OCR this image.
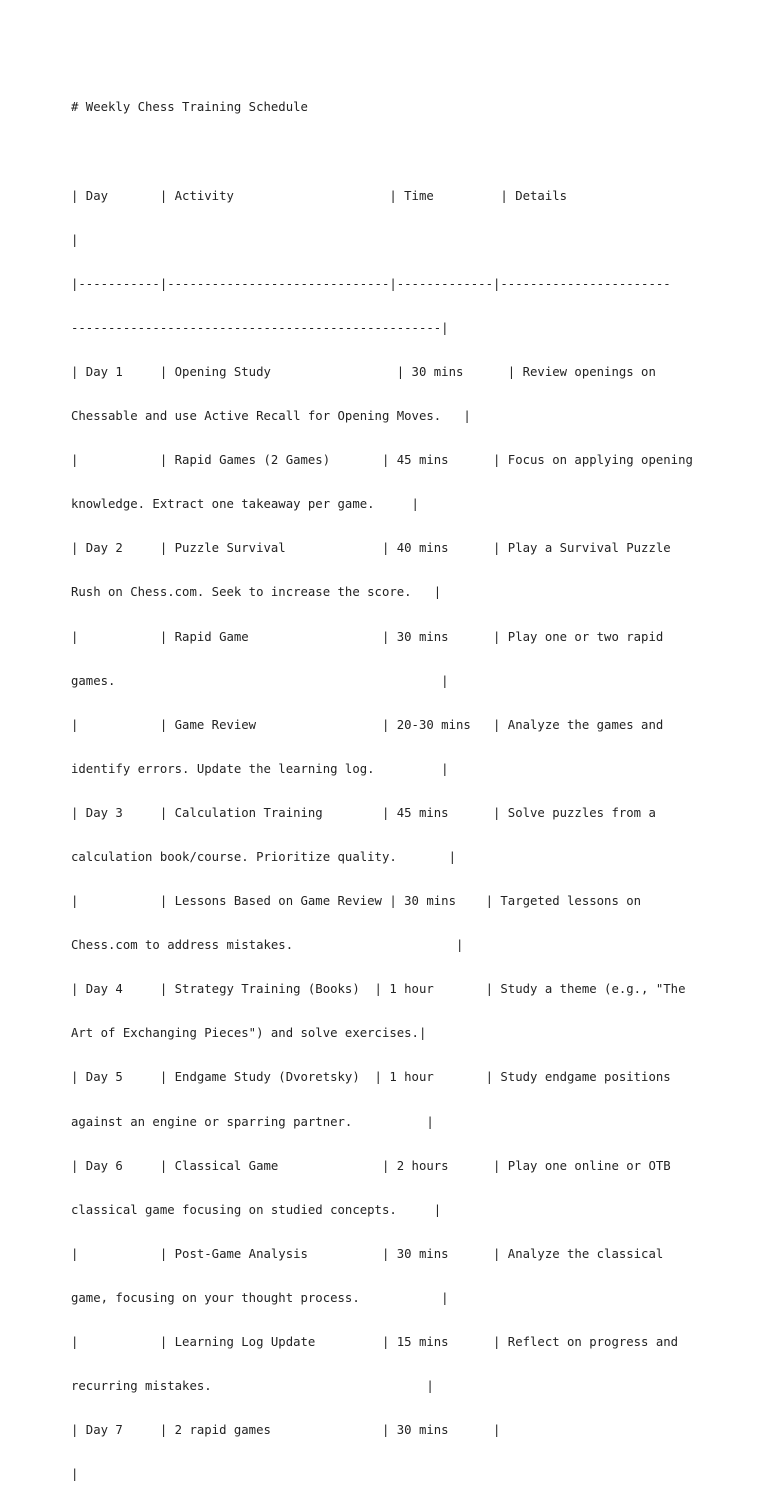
# Weekly Chess Training Schedule

| Day       | Activity                     | Time         | Details

|

|-----------|------------------------------|-------------|-----------------------

--------------------------------------------------|

| Day 1     | Opening Study                 | 30 mins      | Review openings on

Chessable and use Active Recall for Opening Moves.   |

|           | Rapid Games (2 Games)       | 45 mins      | Focus on applying opening

knowledge. Extract one takeaway per game.     |

| Day 2     | Puzzle Survival             | 40 mins      | Play a Survival Puzzle

Rush on Chess.com. Seek to increase the score.   |

|           | Rapid Game                  | 30 mins      | Play one or two rapid

games.                                            |

|           | Game Review                 | 20-30 mins   | Analyze the games and

identify errors. Update the learning log.         |

| Day 3     | Calculation Training        | 45 mins      | Solve puzzles from a

calculation book/course. Prioritize quality.       |

|           | Lessons Based on Game Review | 30 mins    | Targeted lessons on

Chess.com to address mistakes.                      |

| Day 4     | Strategy Training (Books)  | 1 hour       | Study a theme (e.g., "The

Art of Exchanging Pieces") and solve exercises.|

| Day 5     | Endgame Study (Dvoretsky)  | 1 hour       | Study endgame positions

against an engine or sparring partner.          |

| Day 6     | Classical Game              | 2 hours      | Play one online or OTB

classical game focusing on studied concepts.     |

|           | Post-Game Analysis          | 30 mins      | Analyze the classical

game, focusing on your thought process.           |

|           | Learning Log Update         | 15 mins      | Reflect on progress and

recurring mistakes.                             |

| Day 7     | 2 rapid games               | 30 mins      |

|
